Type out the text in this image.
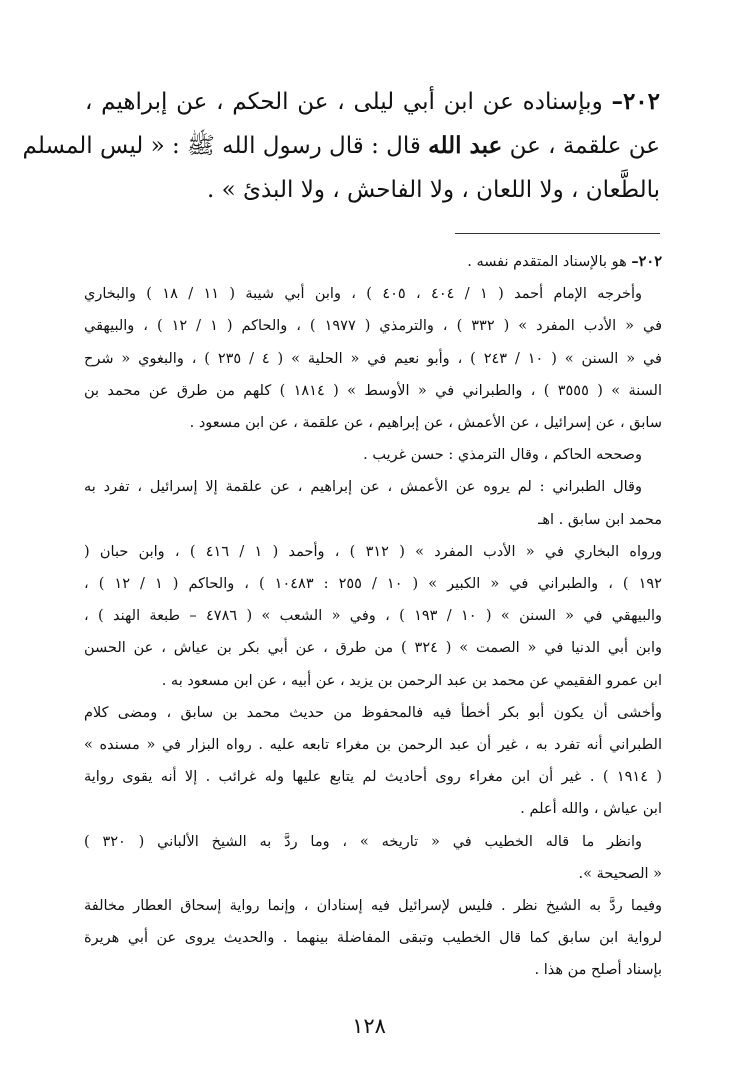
٢٠٢– وبإسناده عن ابن أبي ليلى ، عن الحكم ، عن إبراهيم ،
عن علقمة ، عن عبد الله قال : قال رسول الله ﷺ : « ليس المسلم
بالطَّعان ، ولا اللعان ، ولا الفاحش ، ولا البذئ » .
٢٠٢– هو بالإسناد المتقدم نفسه .
وأخرجه الإمام أحمد ( ١ / ٤٠٤ ، ٤٠٥ ) ، وابن أبي شيبة ( ١١ / ١٨ ) والبخاري
في « الأدب المفرد » ( ٣٣٢ ) ، والترمذي ( ١٩٧٧ ) ، والحاكم ( ١ / ١٢ ) ، والبيهقي
في « السنن » ( ١٠ / ٢٤٣ ) ، وأبو نعيم في « الحلية » ( ٤ / ٢٣٥ ) ، والبغوي « شرح
السنة » ( ٣٥٥٥ ) ، والطبراني في « الأوسط » ( ١٨١٤ ) كلهم من طرق عن محمد بن
سابق ، عن إسرائيل ، عن الأعمش ، عن إبراهيم ، عن علقمة ، عن ابن مسعود .
وصححه الحاكم ، وقال الترمذي : حسن غريب .
وقال الطبراني : لم يروه عن الأعمش ، عن إبراهيم ، عن علقمة إلا إسرائيل ، تفرد به
محمد ابن سابق . اهـ
ورواه البخاري في « الأدب المفرد » ( ٣١٢ ) ، وأحمد ( ١ / ٤١٦ ) ، وابن حبان (
١٩٢ ) ، والطبراني في « الكبير » ( ١٠ / ٢٥٥ : ١٠٤٨٣ ) ، والحاكم ( ١ / ١٢ ) ،
والبيهقي في « السنن » ( ١٠ / ١٩٣ ) ، وفي « الشعب » ( ٤٧٨٦ – طبعة الهند ) ،
وابن أبي الدنيا في « الصمت » ( ٣٢٤ ) من طرق ، عن أبي بكر بن عياش ، عن الحسن
ابن عمرو الفقيمي عن محمد بن عبد الرحمن بن يزيد ، عن أبيه ، عن ابن مسعود به .
وأخشى أن يكون أبو بكر أخطأ فيه فالمحفوظ من حديث محمد بن سابق ، ومضى كلام
الطبراني أنه تفرد به ، غير أن عبد الرحمن بن مغراء تابعه عليه . رواه البزار في « مسنده »
( ١٩١٤ ) . غير أن ابن مغراء روى أحاديث لم يتابع عليها وله غرائب . إلا أنه يقوى رواية
ابن عياش ، والله أعلم .
وانظر ما قاله الخطيب في « تاريخه » ، وما ردَّ به الشيخ الألباني ( ٣٢٠ )
« الصحيحة ».
وفيما ردَّ به الشيخ نظر . فليس لإسرائيل فيه إسنادان ، وإنما رواية إسحاق العطار مخالفة
لرواية ابن سابق كما قال الخطيب وتبقى المفاضلة بينهما . والحديث يروى عن أبي هريرة
بإسناد أصلح من هذا .
١٢٨
